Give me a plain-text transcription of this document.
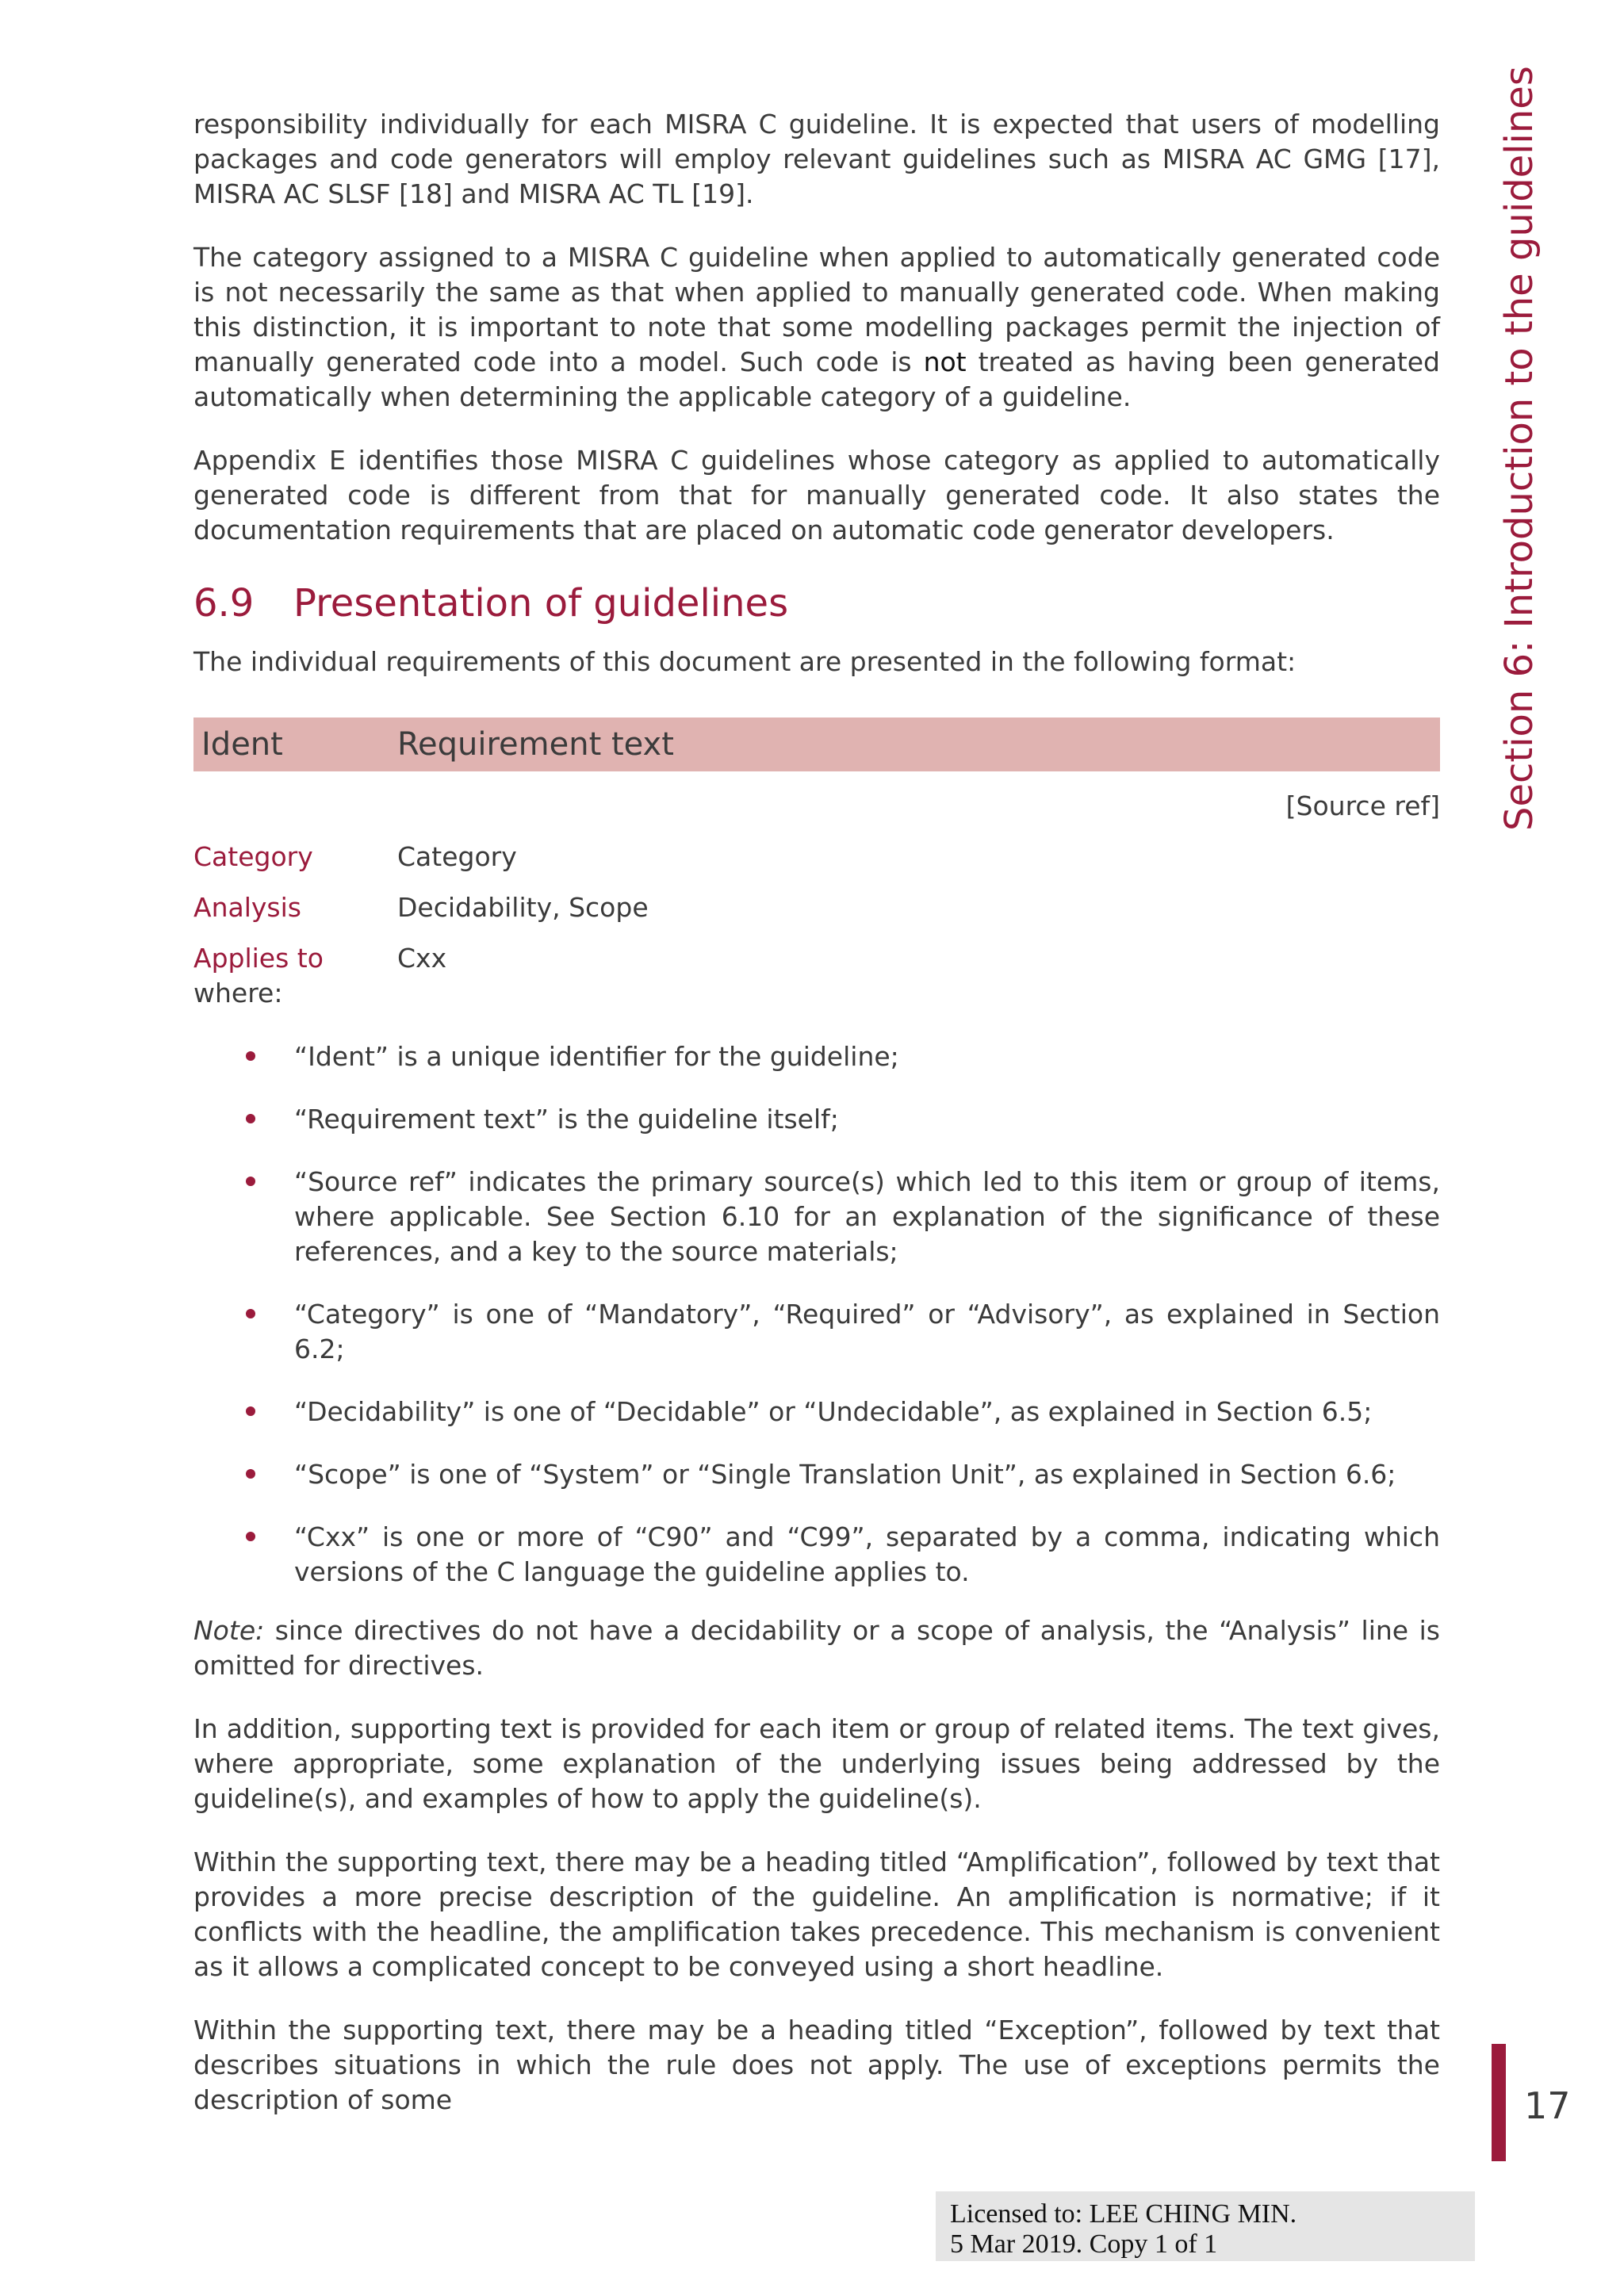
Section 6: Introduction to the guidelines

responsibility individually for each MISRA C guideline. It is expected that users of modelling packages and code generators will employ relevant guidelines such as MISRA AC GMG [17], MISRA AC SLSF [18] and MISRA AC TL [19].

The category assigned to a MISRA C guideline when applied to automatically generated code is not necessarily the same as that when applied to manually generated code. When making this distinction, it is important to note that some modelling packages permit the injection of manually generated code into a model. Such code is not treated as having been generated automatically when determining the applicable category of a guideline.

Appendix E identifies those MISRA C guidelines whose category as applied to automatically generated code is different from that for manually generated code. It also states the documentation requirements that are placed on automatic code generator developers.

6.9 Presentation of guidelines

The individual requirements of this document are presented in the following format:

Ident	Requirement text
[Source ref]
Category	Category
Analysis	Decidability, Scope
Applies to	Cxx

where:

“Ident” is a unique identifier for the guideline;
“Requirement text” is the guideline itself;
“Source ref” indicates the primary source(s) which led to this item or group of items, where applicable. See Section 6.10 for an explanation of the significance of these references, and a key to the source materials;
“Category” is one of “Mandatory”, “Required” or “Advisory”, as explained in Section 6.2;
“Decidability” is one of “Decidable” or “Undecidable”, as explained in Section 6.5;
“Scope” is one of “System” or “Single Translation Unit”, as explained in Section 6.6;
“Cxx” is one or more of “C90” and “C99”, separated by a comma, indicating which versions of the C language the guideline applies to.

Note: since directives do not have a decidability or a scope of analysis, the “Analysis” line is omitted for directives.

In addition, supporting text is provided for each item or group of related items. The text gives, where appropriate, some explanation of the underlying issues being addressed by the guideline(s), and examples of how to apply the guideline(s).

Within the supporting text, there may be a heading titled “Amplification”, followed by text that provides a more precise description of the guideline. An amplification is normative; if it conflicts with the headline, the amplification takes precedence. This mechanism is convenient as it allows a complicated concept to be conveyed using a short headline.

Within the supporting text, there may be a heading titled “Exception”, followed by text that describes situations in which the rule does not apply. The use of exceptions permits the description of some	17
Licensed to: LEE CHING MIN.
5 Mar 2019. Copy 1 of 1
